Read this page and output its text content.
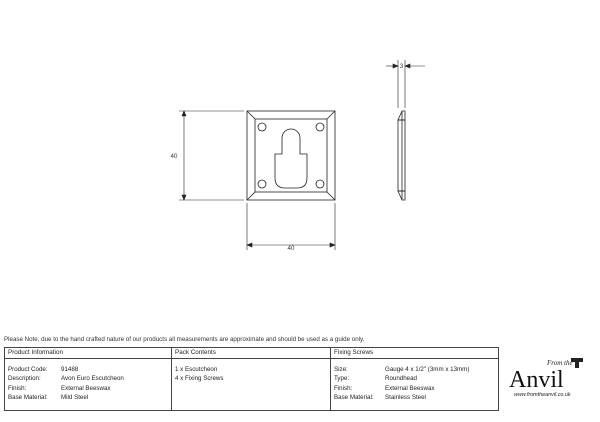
40
40
3
Please Note, due to the hand crafted nature of our products all measurements are approximate and should be used as a guide only.
Product Information
Product Code:	91488
Description:	Avon Euro Escutcheon
Finish:	External Beeswax
Base Material:	Mild Steel
Pack Contents
1 x Escutcheon
4 x Fixing Screws
Fixing Screws
Size:	Gauge 4 x 1/2" (3mm x 13mm)
Type:	Roundhead
Finish:	External Beeswax
Base Material:	Stainless Steel
From the
Anvil
www.fromtheanvil.co.uk
